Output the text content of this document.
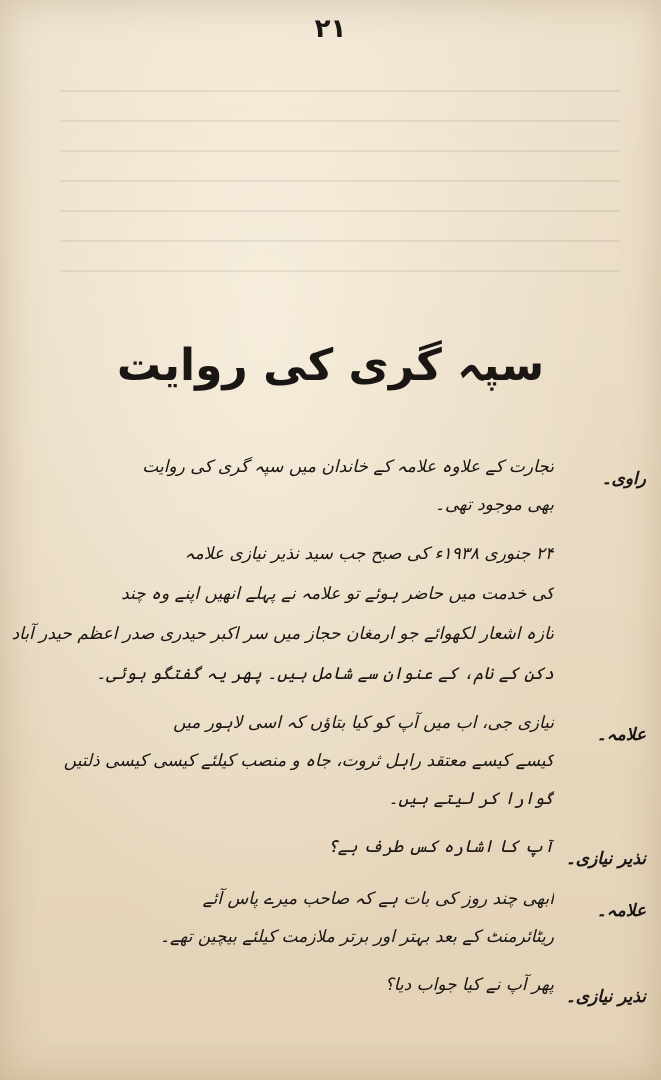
۲۱
سپہ گری کی روایت
راوی۔
تجارت کے علاوہ علامہ کے خاندان میں سپہ گری کی روایت
بھی موجود تھی۔
۲۴ جنوری ۱۹۳۸ء کی صبح جب سید نذیر نیازی علامہ
کی خدمت میں حاضر ہوئے تو علامہ نے پہلے انھیں اپنے وہ چند
تازہ اشعار لکھوائے جو ارمغان حجاز میں سر اکبر حیدری صدر اعظم حیدر آباد
دکن کے نام، کے عنوان سے شامل ہیں۔ پھر یہ گفتگو ہوئی۔
علامہ۔
نیازی جی، اب میں آپ کو کیا بتاؤں کہ اسی لاہور میں
کیسے کیسے معتقد راہل ثروت، جاہ و منصب کیلئے کیسی کیسی ذلتیں
گوارا کر لیتے ہیں۔
نذیر نیازی۔
آپ کا اشارہ کس طرف ہے؟
علامہ۔
ابھی چند روز کی بات ہے کہ صاحب میرے پاس آئے
ریٹائرمنٹ کے بعد بہتر اور برتر ملازمت کیلئے بیچین تھے۔
نذیر نیازی۔
پھر آپ نے کیا جواب دیا؟
